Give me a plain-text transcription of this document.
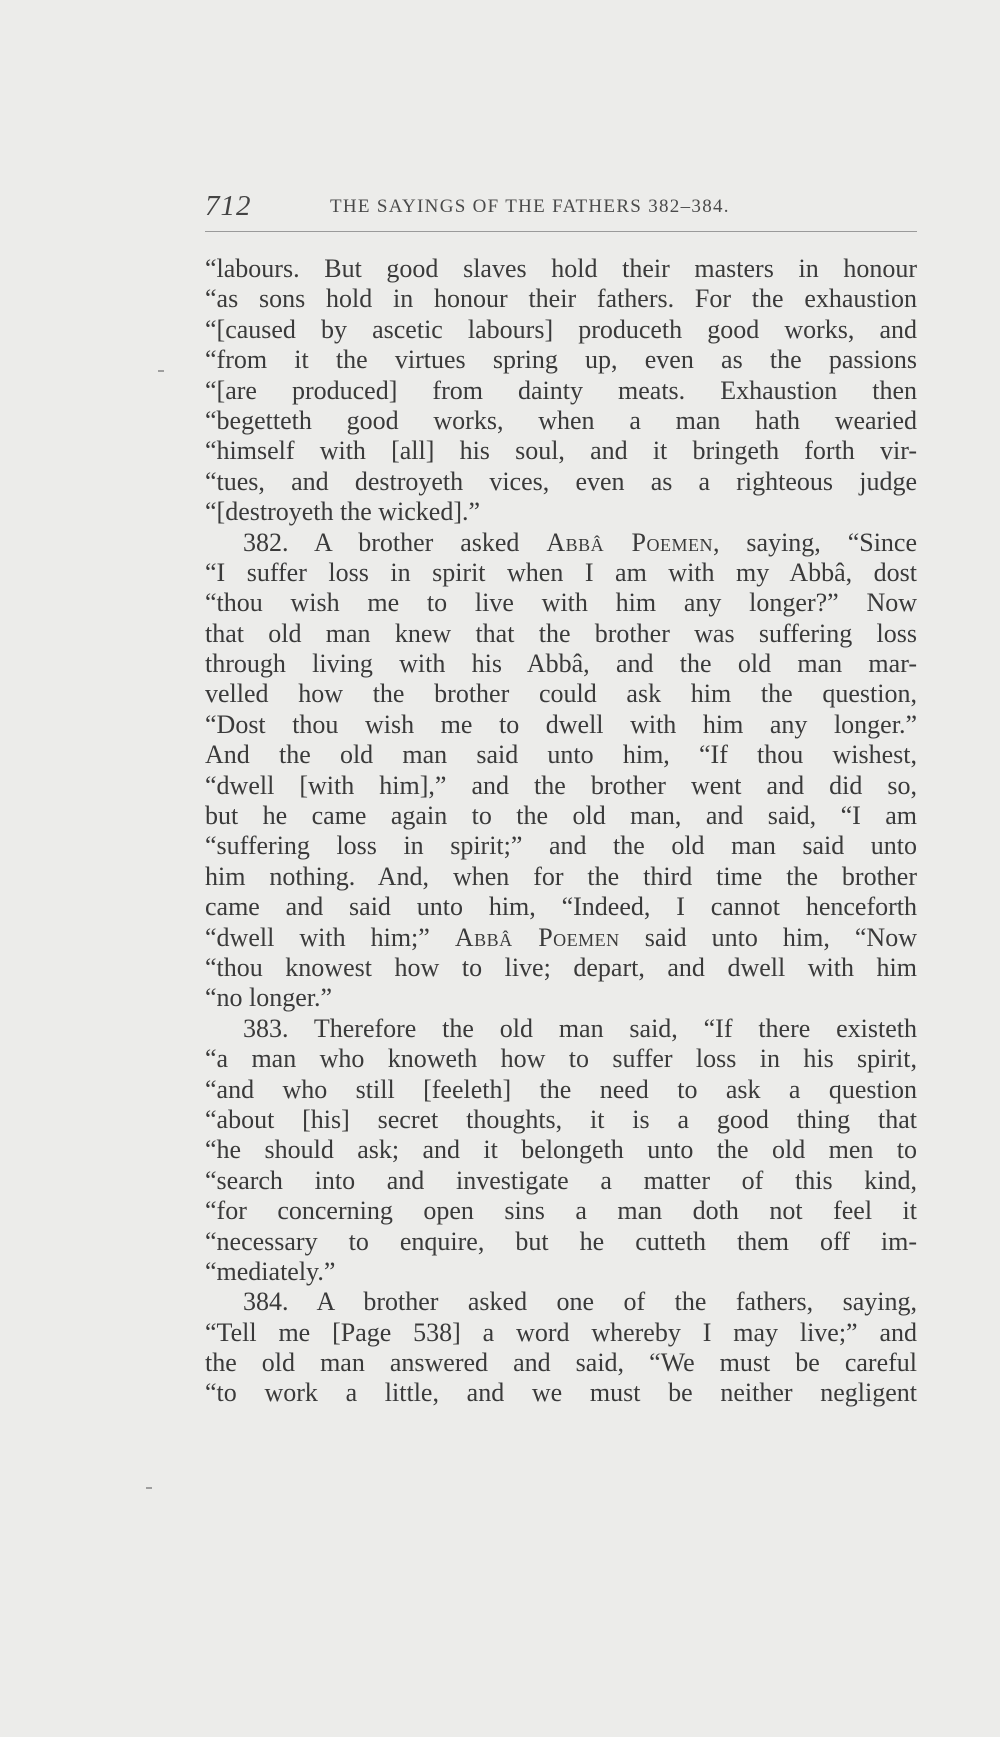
712	THE SAYINGS OF THE FATHERS 382–384.
“labours. But good slaves hold their masters in honour
“as sons hold in honour their fathers. For the exhaustion
“[caused by ascetic labours] produceth good works, and
“from it the virtues spring up, even as the passions
“[are produced] from dainty meats. Exhaustion then
“begetteth good works, when a man hath wearied
“himself with [all] his soul, and it bringeth forth vir-
“tues, and destroyeth vices, even as a righteous judge
“[destroyeth the wicked].”
382. A brother asked Abbâ Poemen, saying, “Since
“I suffer loss in spirit when I am with my Abbâ, dost
“thou wish me to live with him any longer?” Now
that old man knew that the brother was suffering loss
through living with his Abbâ, and the old man mar-
velled how the brother could ask him the question,
“Dost thou wish me to dwell with him any longer.”
And the old man said unto him, “If thou wishest,
“dwell [with him],” and the brother went and did so,
but he came again to the old man, and said, “I am
“suffering loss in spirit;” and the old man said unto
him nothing. And, when for the third time the brother
came and said unto him, “Indeed, I cannot henceforth
“dwell with him;” Abbâ Poemen said unto him, “Now
“thou knowest how to live; depart, and dwell with him
“no longer.”
383. Therefore the old man said, “If there existeth
“a man who knoweth how to suffer loss in his spirit,
“and who still [feeleth] the need to ask a question
“about [his] secret thoughts, it is a good thing that
“he should ask; and it belongeth unto the old men to
“search into and investigate a matter of this kind,
“for concerning open sins a man doth not feel it
“necessary to enquire, but he cutteth them off im-
“mediately.”
384. A brother asked one of the fathers, saying,
“Tell me [Page 538] a word whereby I may live;” and
the old man answered and said, “We must be careful
“to work a little, and we must be neither negligent
